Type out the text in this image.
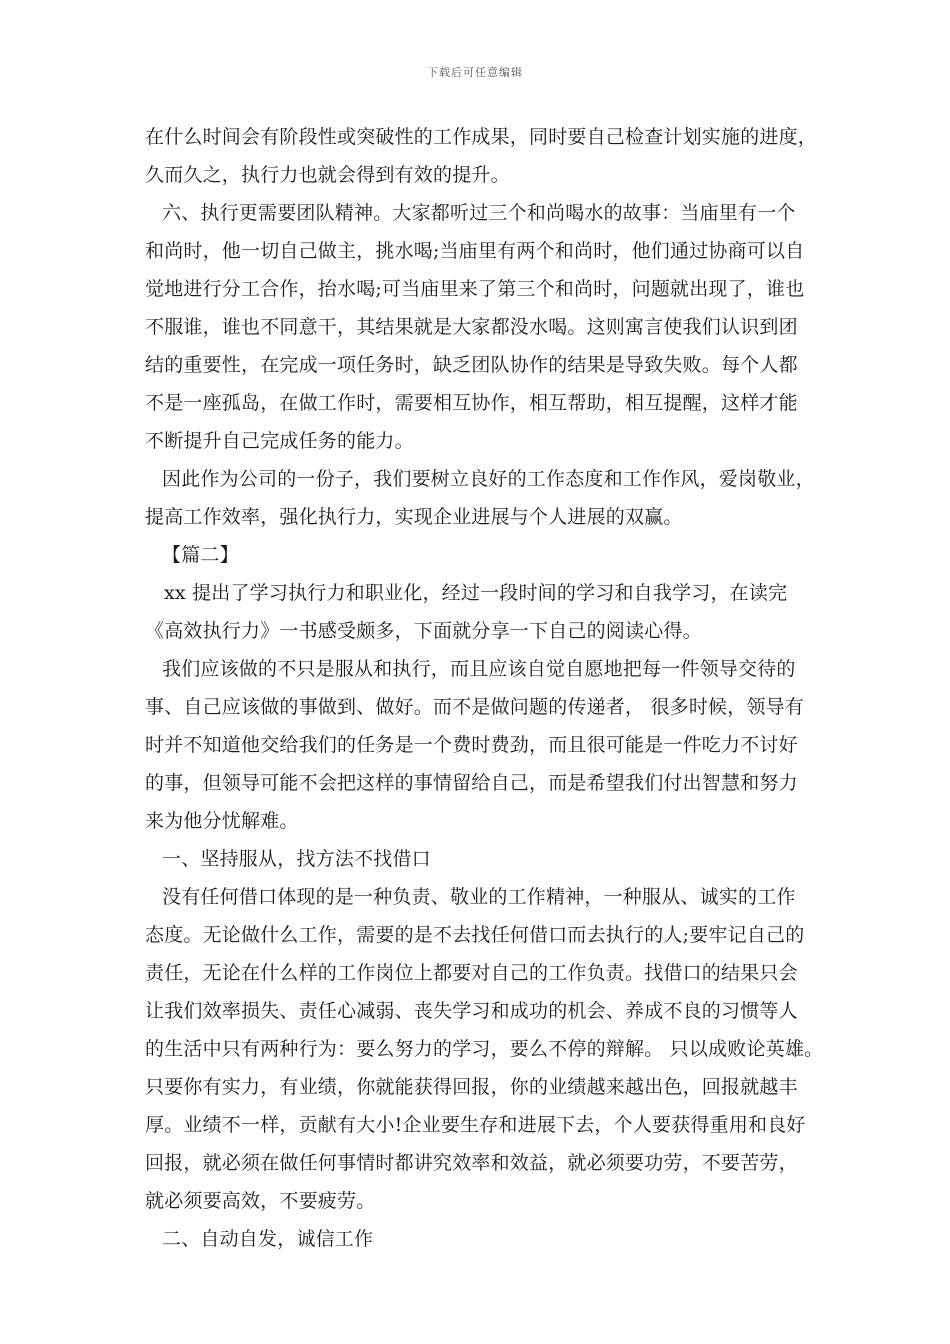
下载后可任意编辑
在什么时间会有阶段性或突破性的工作成果，同时要自己检查计划实施的进度，
久而久之，执行力也就会得到有效的提升。
六、执行更需要团队精神。大家都听过三个和尚喝水的故事：当庙里有一个
和尚时，他一切自己做主，挑水喝;当庙里有两个和尚时，他们通过协商可以自
觉地进行分工合作，抬水喝;可当庙里来了第三个和尚时，问题就出现了，谁也
不服谁，谁也不同意干，其结果就是大家都没水喝。这则寓言使我们认识到团
结的重要性，在完成一项任务时，缺乏团队协作的结果是导致失败。每个人都
不是一座孤岛，在做工作时，需要相互协作，相互帮助，相互提醒，这样才能
不断提升自己完成任务的能力。
因此作为公司的一份子，我们要树立良好的工作态度和工作作风，爱岗敬业，
提高工作效率，强化执行力，实现企业进展与个人进展的双赢。
【篇二】
xx 提出了学习执行力和职业化，经过一段时间的学习和自我学习，在读完
《高效执行力》一书感受颇多，下面就分享一下自己的阅读心得。
我们应该做的不只是服从和执行，而且应该自觉自愿地把每一件领导交待的
事、自己应该做的事做到、做好。而不是做问题的传递者， 很多时候，领导有
时并不知道他交给我们的任务是一个费时费劲，而且很可能是一件吃力不讨好
的事，但领导可能不会把这样的事情留给自己，而是希望我们付出智慧和努力
来为他分忧解难。
一、坚持服从，找方法不找借口
没有任何借口体现的是一种负责、敬业的工作精神，一种服从、诚实的工作
态度。无论做什么工作，需要的是不去找任何借口而去执行的人;要牢记自己的
责任，无论在什么样的工作岗位上都要对自己的工作负责。找借口的结果只会
让我们效率损失、责任心减弱、丧失学习和成功的机会、养成不良的习惯等人
的生活中只有两种行为：要么努力的学习，要么不停的辩解。 只以成败论英雄。
只要你有实力，有业绩，你就能获得回报，你的业绩越来越出色，回报就越丰
厚。业绩不一样，贡献有大小!企业要生存和进展下去，个人要获得重用和良好
回报，就必须在做任何事情时都讲究效率和效益，就必须要功劳，不要苦劳，
就必须要高效，不要疲劳。
二、自动自发，诚信工作
